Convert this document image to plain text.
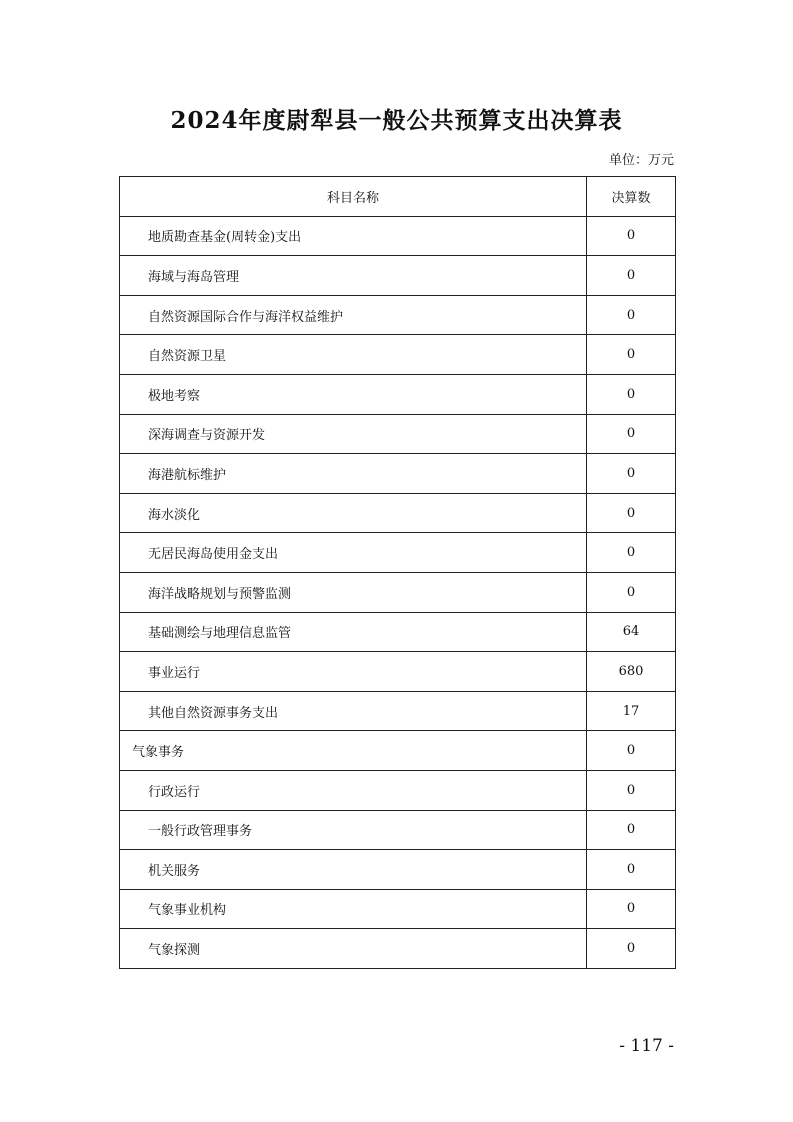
2024年度尉犁县一般公共预算支出决算表
单位：万元
科目名称	决算数
地质勘查基金(周转金)支出	0
海域与海岛管理	0
自然资源国际合作与海洋权益维护	0
自然资源卫星	0
极地考察	0
深海调查与资源开发	0
海港航标维护	0
海水淡化	0
无居民海岛使用金支出	0
海洋战略规划与预警监测	0
基础测绘与地理信息监管	64
事业运行	680
其他自然资源事务支出	17
气象事务	0
行政运行	0
一般行政管理事务	0
机关服务	0
气象事业机构	0
气象探测	0
- 117 -
